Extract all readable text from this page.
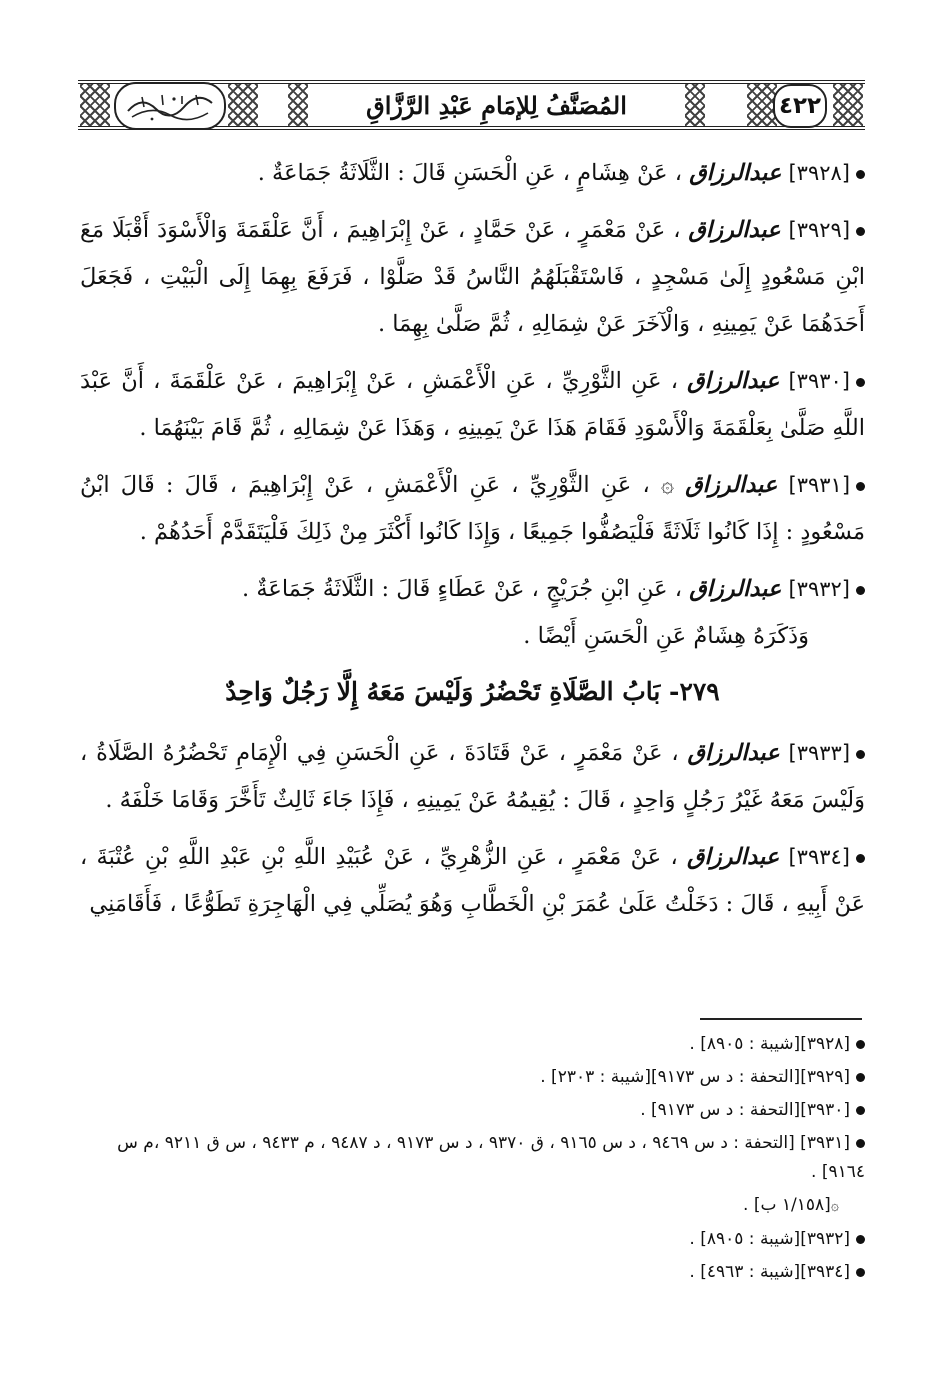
المُصَنَّفُ لِلإمَامِ عَبْدِ الرَّزَّاقِ	٤٢٢

[٣٩٢٨] عبدالرزاق ، عَنْ هِشَامٍ ، عَنِ الْحَسَنِ قَالَ : الثَّلَاثَةُ جَمَاعَةٌ .

[٣٩٢٩] عبدالرزاق ، عَنْ مَعْمَرٍ ، عَنْ حَمَّادٍ ، عَنْ إِبْرَاهِيمَ ، أَنَّ عَلْقَمَةَ وَالْأَسْوَدَ أَقْبَلَا مَعَ ابْنِ مَسْعُودٍ إِلَىٰ مَسْجِدٍ ، فَاسْتَقْبَلَهُمُ النَّاسُ قَدْ صَلَّوْا ، فَرَفَعَ بِهِمَا إِلَى الْبَيْتِ ، فَجَعَلَ أَحَدَهُمَا عَنْ يَمِينِهِ ، وَالْآخَرَ عَنْ شِمَالِهِ ، ثُمَّ صَلَّىٰ بِهِمَا .

[٣٩٣٠] عبدالرزاق ، عَنِ الثَّوْرِيِّ ، عَنِ الْأَعْمَشِ ، عَنْ إِبْرَاهِيمَ ، عَنْ عَلْقَمَةَ ، أَنَّ عَبْدَ اللَّهِ صَلَّىٰ بِعَلْقَمَةَ وَالْأَسْوَدِ فَقَامَ هَذَا عَنْ يَمِينِهِ ، وَهَذَا عَنْ شِمَالِهِ ، ثُمَّ قَامَ بَيْنَهُمَا .

[٣٩٣١] عبدالرزاق ۞ ، عَنِ الثَّوْرِيِّ ، عَنِ الْأَعْمَشِ ، عَنْ إِبْرَاهِيمَ ، قَالَ : قَالَ ابْنُ مَسْعُودٍ : إِذَا كَانُوا ثَلَاثَةً فَلْيَصُفُّوا جَمِيعًا ، وَإِذَا كَانُوا أَكْثَرَ مِنْ ذَلِكَ فَلْيَتَقَدَّمْ أَحَدُهُمْ .

[٣٩٣٢] عبدالرزاق ، عَنِ ابْنِ جُرَيْجٍ ، عَنْ عَطَاءٍ قَالَ : الثَّلَاثَةُ جَمَاعَةٌ .

وَذَكَرَهُ هِشَامٌ عَنِ الْحَسَنِ أَيْضًا .

٢٧٩- بَابُ الصَّلَاةِ تَحْضُرُ وَلَيْسَ مَعَهُ إِلَّا رَجُلٌ وَاحِدٌ

[٣٩٣٣] عبدالرزاق ، عَنْ مَعْمَرٍ ، عَنْ قَتَادَةَ ، عَنِ الْحَسَنِ فِي الْإِمَامِ تَحْضُرُهُ الصَّلَاةُ ، وَلَيْسَ مَعَهُ غَيْرُ رَجُلٍ وَاحِدٍ ، قَالَ : يُقِيمُهُ عَنْ يَمِينِهِ ، فَإِذَا جَاءَ ثَالِثٌ تَأَخَّرَ وَقَامَا خَلْفَهُ .

[٣٩٣٤] عبدالرزاق ، عَنْ مَعْمَرٍ ، عَنِ الزُّهْرِيِّ ، عَنْ عُبَيْدِ اللَّهِ بْنِ عَبْدِ اللَّهِ بْنِ عُتْبَةَ ، عَنْ أَبِيهِ ، قَالَ : دَخَلْتُ عَلَىٰ عُمَرَ بْنِ الْخَطَّابِ وَهُوَ يُصَلِّي فِي الْهَاجِرَةِ تَطَوُّعًا ، فَأَقَامَنِي

[٣٩٢٨][شيبة : ٨٩٠٥] .

[٣٩٢٩][التحفة : د س ٩١٧٣][شيبة : ٢٣٠٣] .

[٣٩٣٠][التحفة : د س ٩١٧٣] .

[٣٩٣١] [التحفة : د س ٩٤٦٩ ، د س ٩١٦٥ ، ق ٩٣٧٠ ، د س ٩١٧٣ ، د ٩٤٨٧ ، م ٩٤٣٣ ، س ق ٩٢١١ ،م س ٩١٦٤] .

۞[١/١٥٨ ب] .

[٣٩٣٢][شيبة : ٨٩٠٥] .

[٣٩٣٤][شيبة : ٤٩٦٣] .
